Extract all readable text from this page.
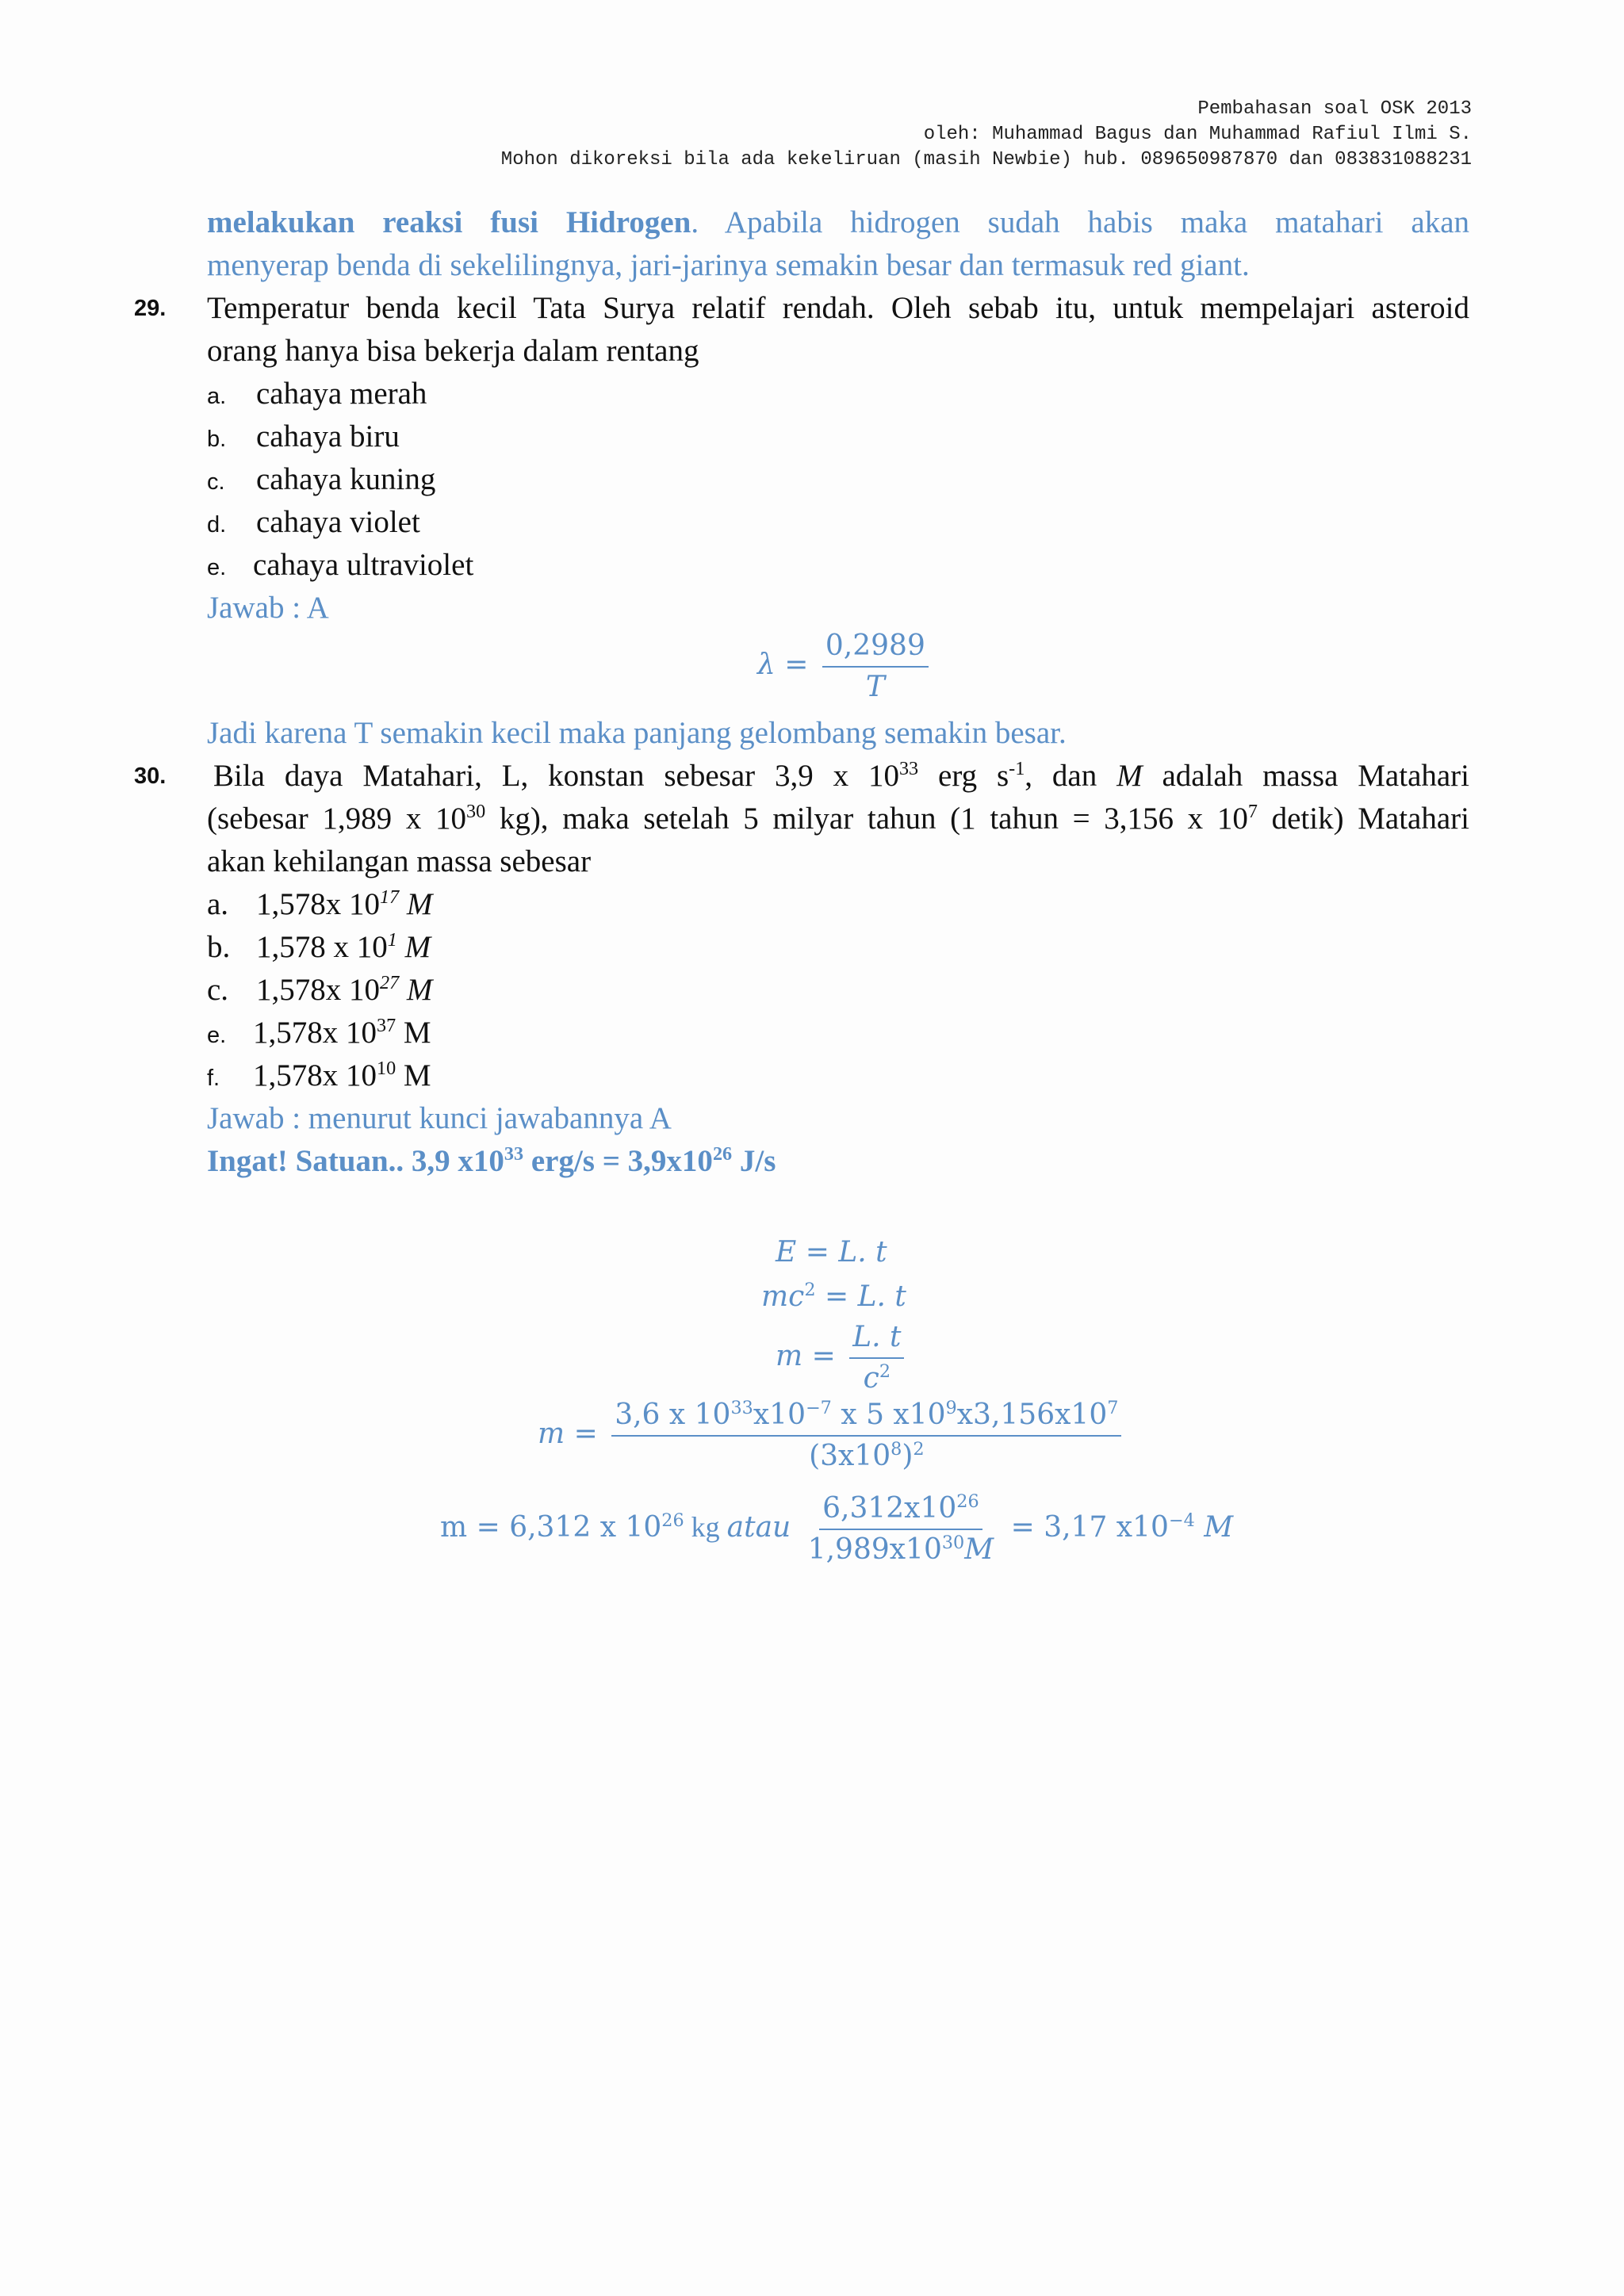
Pembahasan soal OSK 2013
oleh: Muhammad Bagus dan Muhammad Rafiul Ilmi S.
Mohon dikoreksi bila ada kekeliruan (masih Newbie) hub. 089650987870 dan 083831088231
melakukan reaksi fusi Hidrogen. Apabila hidrogen sudah habis maka matahari akan
menyerap benda di sekelilingnya, jari-jarinya semakin besar dan termasuk red giant.
29. Temperatur benda kecil Tata Surya relatif rendah. Oleh sebab itu, untuk mempelajari asteroid
orang hanya bisa bekerja dalam rentang
a. cahaya merah
b. cahaya biru
c. cahaya kuning
d. cahaya violet
e. cahaya ultraviolet
Jawab : A
$\lambda = \frac{0,2989}{T}$
Jadi karena T semakin kecil maka panjang gelombang semakin besar.
30. Bila daya Matahari, L, konstan sebesar 3,9 x $10^{33}$ erg $s^{-1}$, dan M adalah massa Matahari
(sebesar 1,989 x $10^{30}$ kg), maka setelah 5 milyar tahun (1 tahun = 3,156 x $10^7$ detik) Matahari
akan kehilangan massa sebesar
a. 1,578x $10^{17}$ M
b. 1,578 x $10^1$ M
c. 1,578x $10^{27}$ M
e. 1,578x $10^{37}$ M
f. 1,578x $10^{10}$ M
Jawab : menurut kunci jawabannya A
Ingat! Satuan.. 3,9 $x10^{33}$ $erg/s = 3,9x10^{26}$ J/s
E = L. t
$mc^2 = L$. t
$m = \frac{L. t}{c^2}$
$m = \frac{3,6 x 10^{33}x10^{-7} x 5 x10^9x3,156x10^7}{(3x10^8)^2}$
m = 6,312 x $10^{26}$ kg atau $\frac{6,312x10^{26}}{1,989x10^{30}M} = 3,17$ $x10^{-4}$ M
